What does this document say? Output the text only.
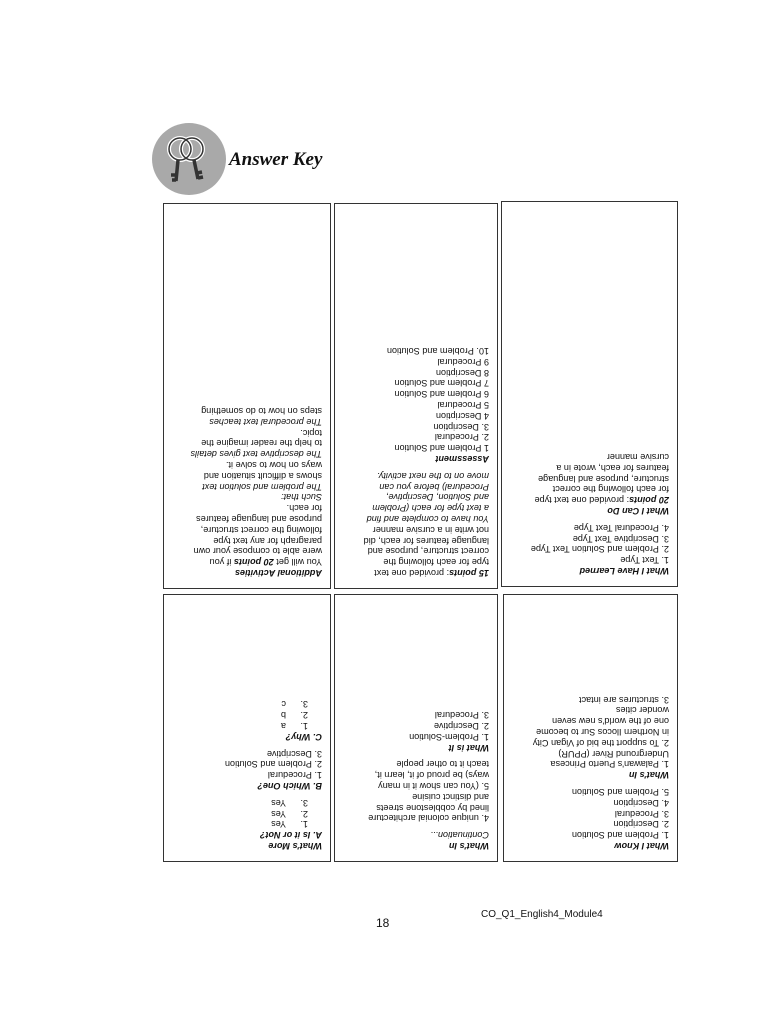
Answer Key

Additional Activities

You will get 20 points if you

were able to compose your own

paragraph for any text type

following the correct structure,

purpose and language features

for each.

Such that:

The problem and solution text

shows a difficult situation and

ways on how to solve it.

The descriptive text gives details

to help the reader imagine the

topic.

The procedural text teaches

steps on how to do something

15 points: provided one text

type for each following the

correct structure, purpose and

language features for each, did

not write in a cursive manner

You have to complete and find

a text type for each (Problem

and Solution, Descriptive,

Procedural) before you can

move on to the next activity.

Assessment

1 Problem and Solution

2. Procedural

3. Description

4 Description

5 Procedural

6 Problem and Solution

7 Problem and Solution

8 Description

9 Procedural

10. Problem and Solution

What I Have Learned

1. Text Type

2. Problem and Solution Text Type

3. Descriptive Text Type

4. Procedural Text Type

What I Can Do

20 points: provided one text type

for each following the correct

structure, purpose and language

features for each, wrote in a

cursive manner

What's More

A. Is it or Not?

1.Yes

2.Yes

3.Yes

B. Which One?

1. Procedural

2. Problem and Solution

3. Descriptive

C. Why?

1.a

2.b

3.c

What's In

Continuation...

4. unique colonial architecture

lined by cobblestone streets

and distinct cuisine

5. (You can show it in many

ways) be proud of it, learn it,

teach it to other people

What is It

1. Problem-Solution

2. Descriptive

3. Procedural

What I Know

1. Problem and Solution

2. Description

3. Procedural

4. Description

5. Problem and Solution

What's In

1. Palawan's Puerto Princesa

Underground River (PPUR)

2. To support the bid of Vigan City

in Northern Ilocos Sur to become

one of the world's new seven

wonder cities

3. structures are intact

CO_Q1_English4_Module4
18
